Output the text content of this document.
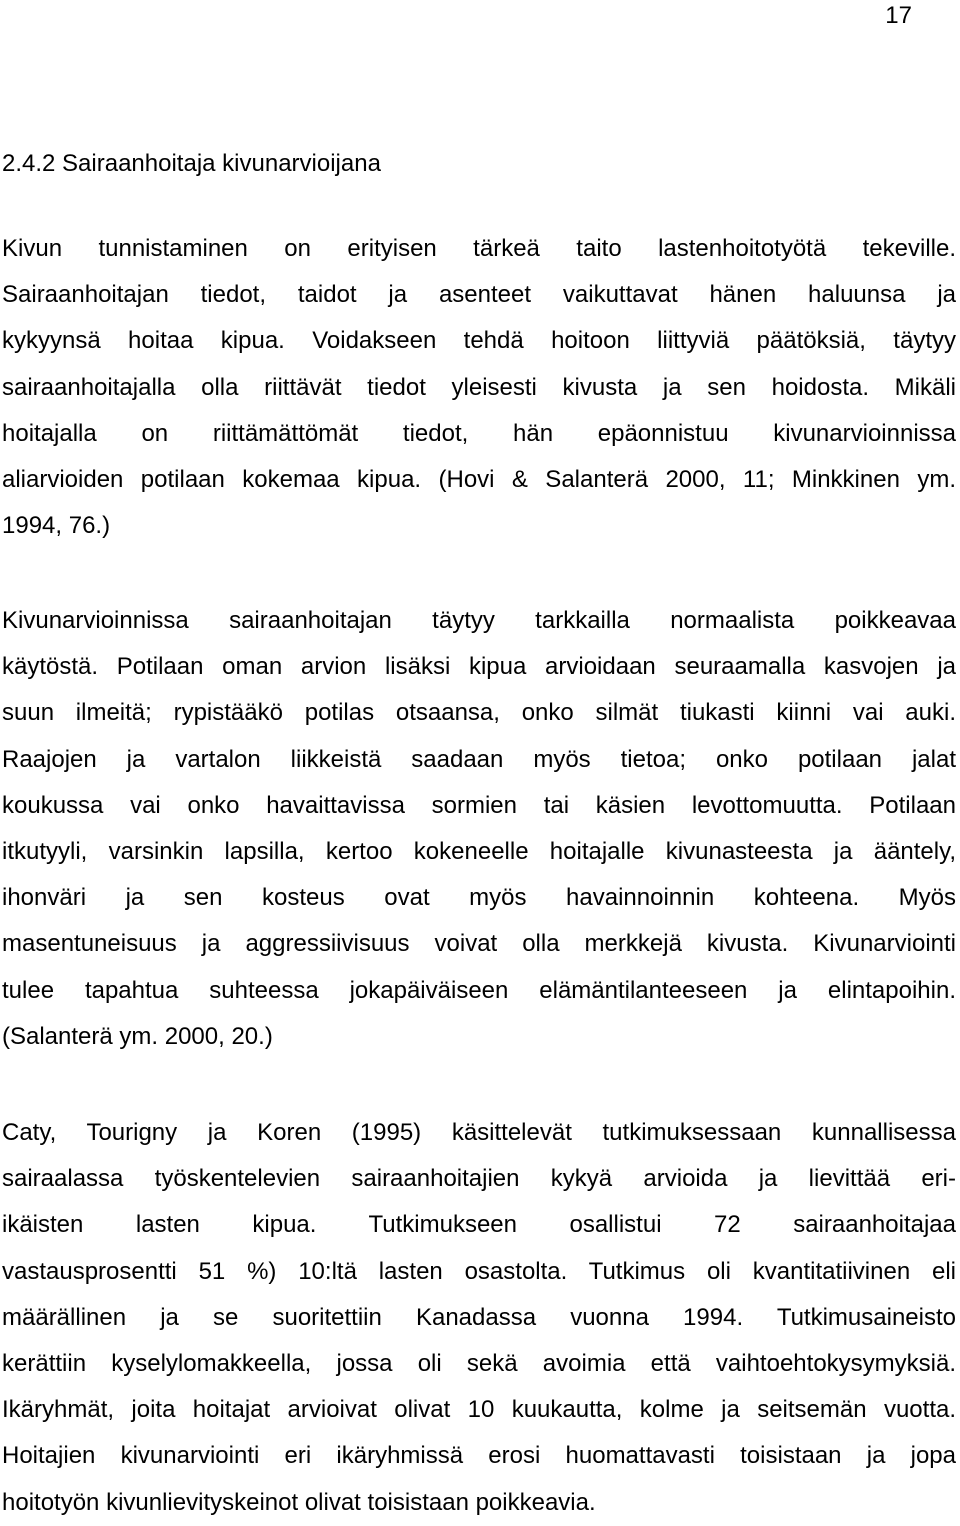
17
2.4.2 Sairaanhoitaja kivunarvioijana
Kivun tunnistaminen on erityisen tärkeä taito lastenhoitotyötä tekeville.
Sairaanhoitajan tiedot, taidot ja asenteet vaikuttavat hänen haluunsa ja
kykyynsä hoitaa kipua. Voidakseen tehdä hoitoon liittyviä päätöksiä, täytyy
sairaanhoitajalla olla riittävät tiedot yleisesti kivusta ja sen hoidosta. Mikäli
hoitajalla on riittämättömät tiedot, hän epäonnistuu kivunarvioinnissa
aliarvioiden potilaan kokemaa kipua. (Hovi & Salanterä 2000, 11; Minkkinen ym.
1994, 76.)
Kivunarvioinnissa sairaanhoitajan täytyy tarkkailla normaalista poikkeavaa
käytöstä. Potilaan oman arvion lisäksi kipua arvioidaan seuraamalla kasvojen ja
suun ilmeitä; rypistääkö potilas otsaansa, onko silmät tiukasti kiinni vai auki.
Raajojen ja vartalon liikkeistä saadaan myös tietoa; onko potilaan jalat
koukussa vai onko havaittavissa sormien tai käsien levottomuutta. Potilaan
itkutyyli, varsinkin lapsilla, kertoo kokeneelle hoitajalle kivunasteesta ja ääntely,
ihonväri ja sen kosteus ovat myös havainnoinnin kohteena. Myös
masentuneisuus ja aggressiivisuus voivat olla merkkejä kivusta. Kivunarviointi
tulee tapahtua suhteessa jokapäiväiseen elämäntilanteeseen ja elintapoihin.
(Salanterä ym. 2000, 20.)
Caty, Tourigny ja Koren (1995) käsittelevät tutkimuksessaan kunnallisessa
sairaalassa työskentelevien sairaanhoitajien kykyä arvioida ja lievittää eri-
ikäisten lasten kipua. Tutkimukseen osallistui 72 sairaanhoitajaa
vastausprosentti 51 %) 10:ltä lasten osastolta. Tutkimus oli kvantitatiivinen eli
määrällinen ja se suoritettiin Kanadassa vuonna 1994. Tutkimusaineisto
kerättiin kyselylomakkeella, jossa oli sekä avoimia että vaihtoehtokysymyksiä.
Ikäryhmät, joita hoitajat arvioivat olivat 10 kuukautta, kolme ja seitsemän vuotta.
Hoitajien kivunarviointi eri ikäryhmissä erosi huomattavasti toisistaan ja jopa
hoitotyön kivunlievityskeinot olivat toisistaan poikkeavia.
